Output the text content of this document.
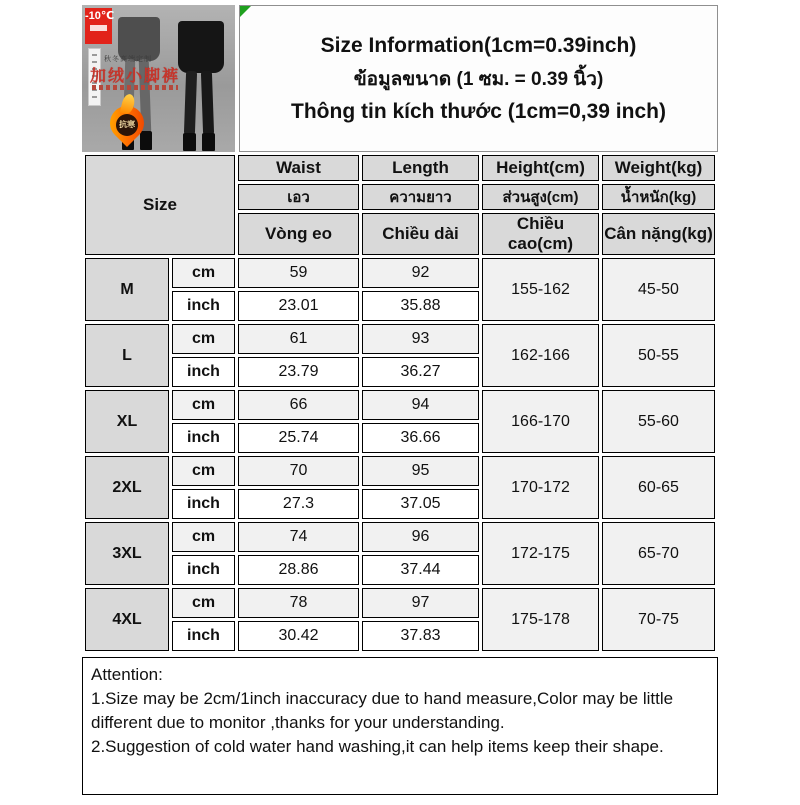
-10℃
秋冬高端定制
加绒小脚裤
抗寒
Size Information(1cm=0.39inch)
ข้อมูลขนาด (1 ซม. = 0.39 นิ้ว)
Thông tin kích thước (1cm=0,39 inch)
Size		Waist	Length	Height(cm)	Weight(kg)
		เอว	ความยาว	ส่วนสูง(cm)	น้ำหนัก(kg)
		Vòng eo	Chiều dài	Chiều cao(cm)	Cân nặng(kg)
M	cm	59	92	155-162	45-50
	inch	23.01	35.88		
L	cm	61	93	162-166	50-55
	inch	23.79	36.27		
XL	cm	66	94	166-170	55-60
	inch	25.74	36.66		
2XL	cm	70	95	170-172	60-65
	inch	27.3	37.05		
3XL	cm	74	96	172-175	65-70
	inch	28.86	37.44		
4XL	cm	78	97	175-178	70-75
	inch	30.42	37.83		
Attention:
1.Size may be 2cm/1inch inaccuracy due to hand measure,Color may be little different due to monitor ,thanks for your understanding.
2.Suggestion of cold water hand washing,it can help items keep their shape.
